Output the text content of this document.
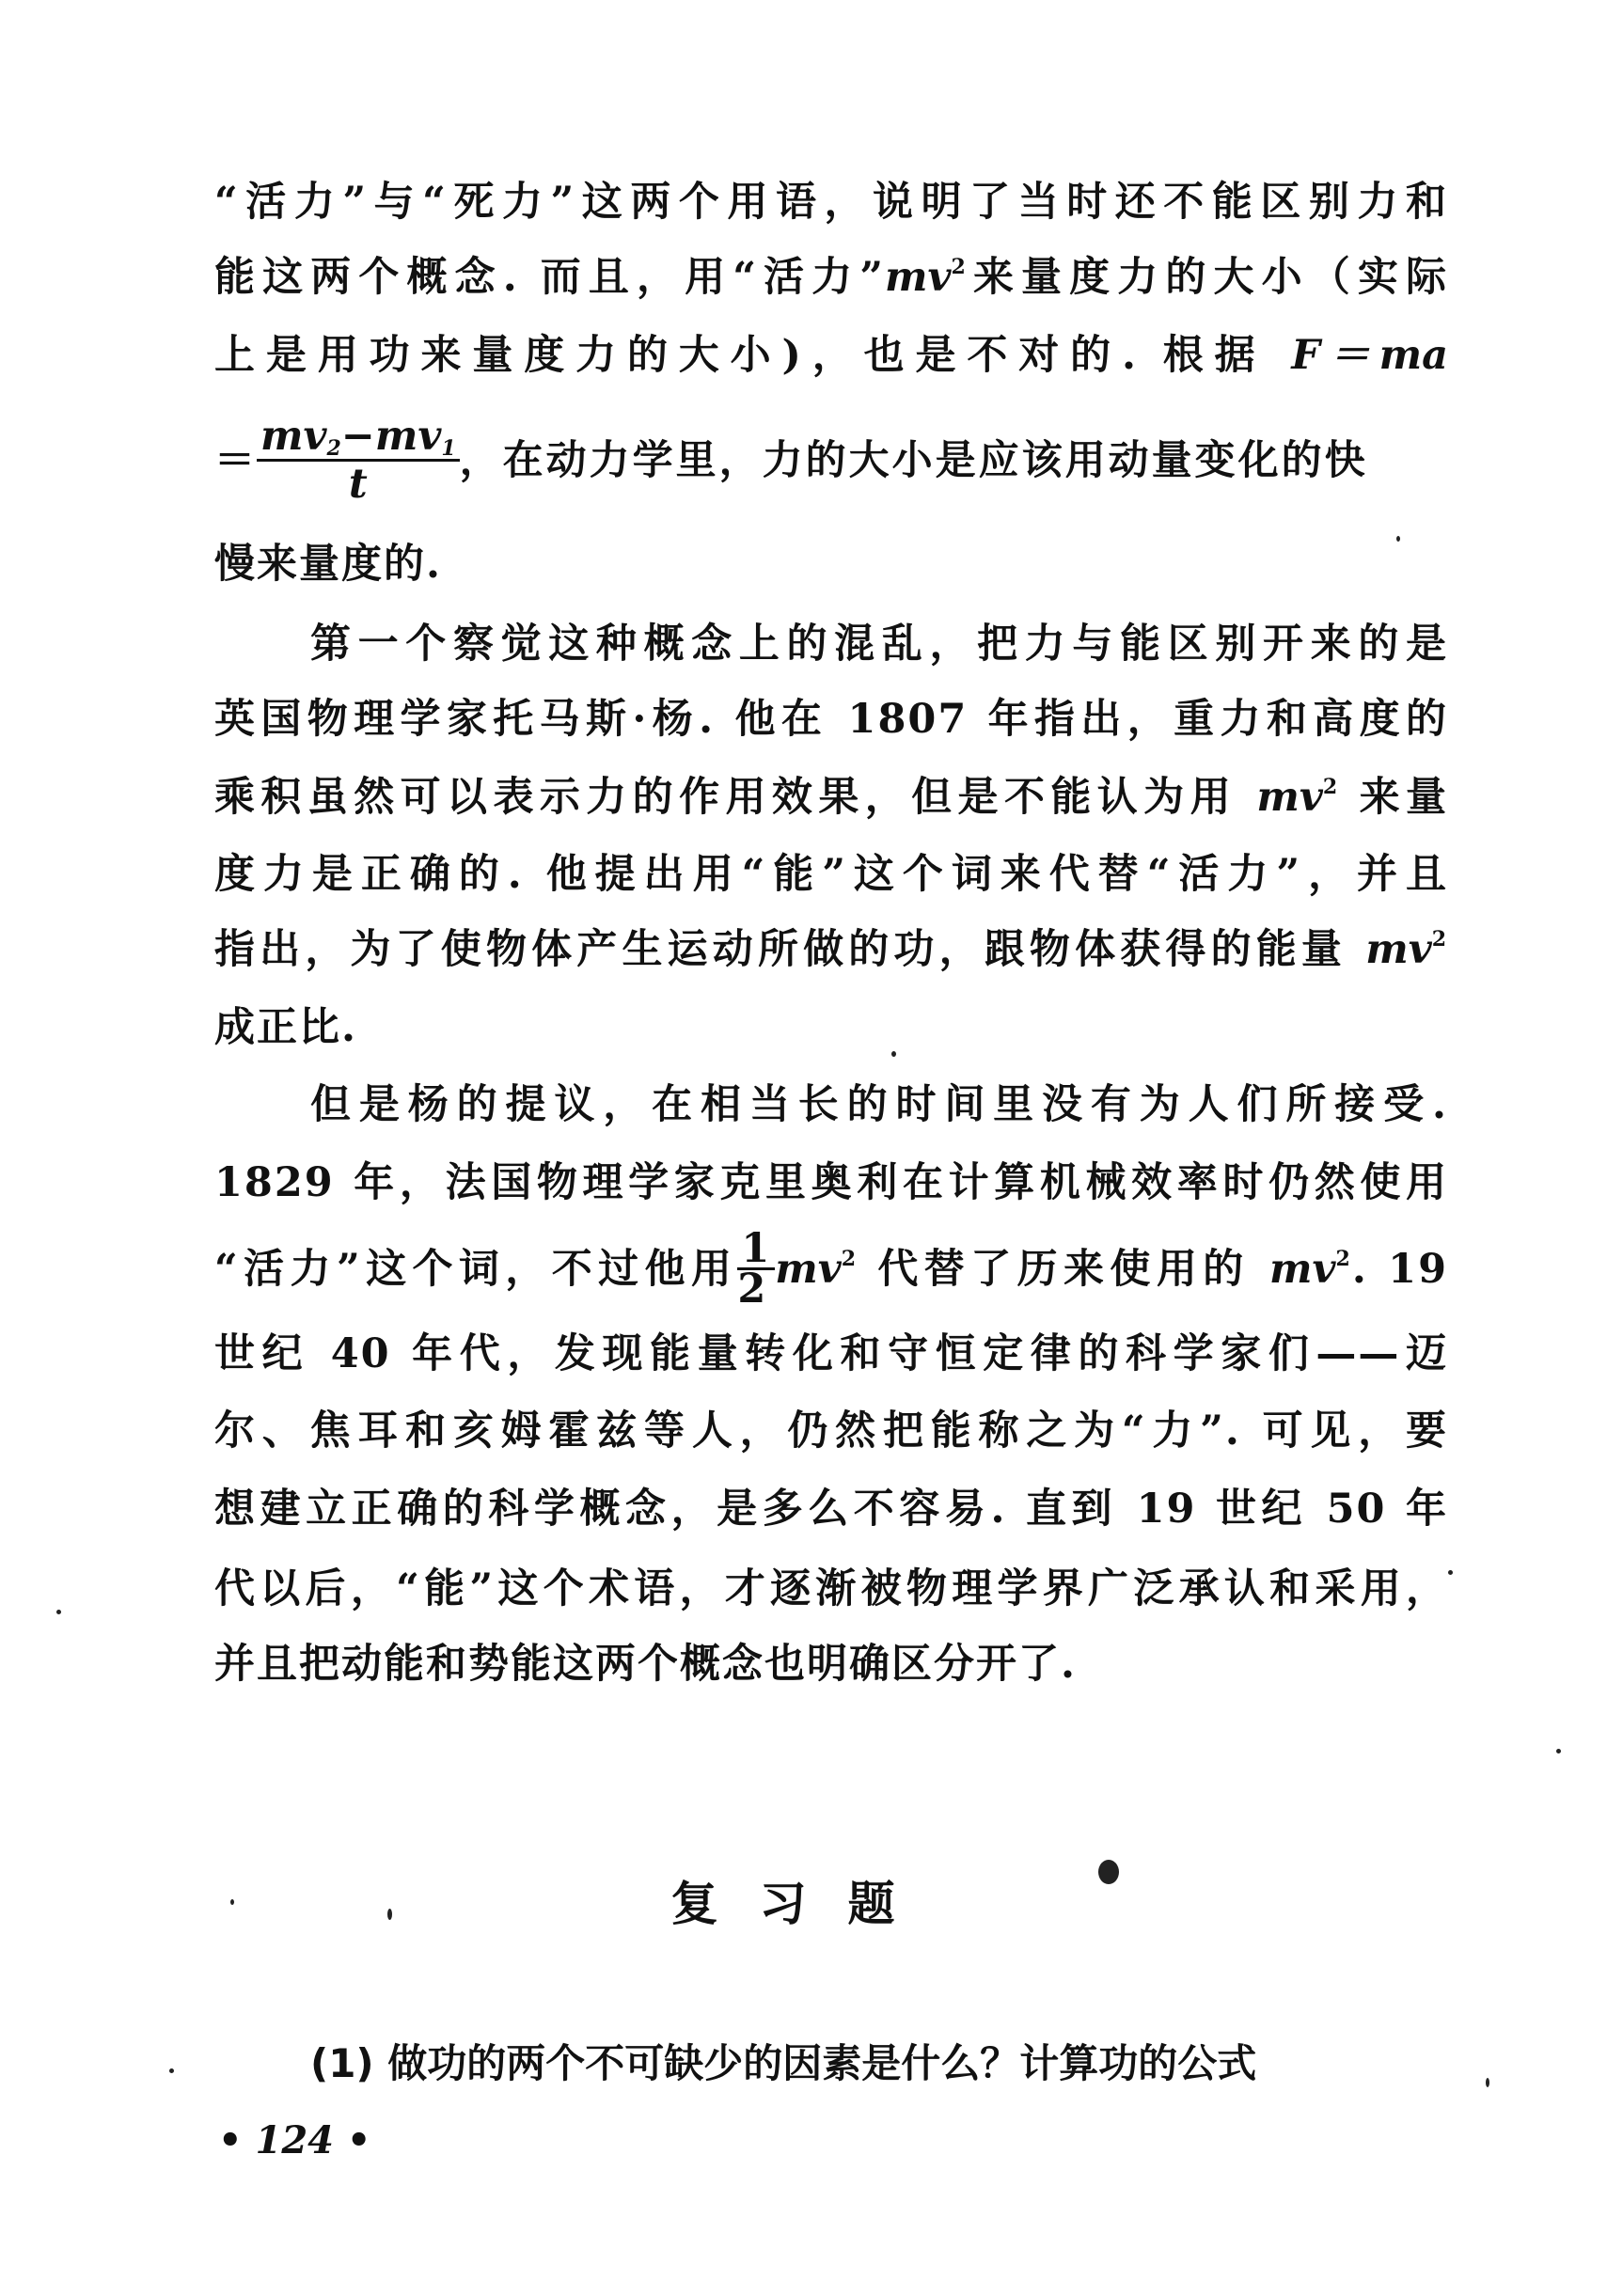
“活力”与“死力”这两个用语，说明了当时还不能区别力和
能这两个概念. 而且，用“活力$”mv^2$来量度力的大小（实际
上是用功来量度力的大小)，也是不对的. 根据 F＝ma
＝ $\frac{mv_2-mv_1}{t}$ ，在动力学里，力的大小是应该用动量变化的快
慢来量度的.
第一个察觉这种概念上的混乱，把力与能区别开来的是
英国物理学家托马斯·杨. 他在 1807 年指出，重力和高度的
乘积虽然可以表示力的作用效果，但是不能认为用 $mv^2$ 来量
度力是正确的. 他提出用“能”这个词来代替“活力”，并且
指出，为了使物体产生运动所做的功，跟物体获得的能量 $mv^2$
成正比.
但是杨的提议，在相当长的时间里没有为人们所接受.
1829 年，法国物理学家克里奥利在计算机械效率时仍然使用
“活力”这个词，不过他用 $\frac{1}{2} mv^2$ 代替了历来使用的 $mv^2$. 19
世纪 40 年代，发现能量转化和守恒定律的科学家们——迈
尔、焦耳和亥姆霍兹等人，仍然把能称之为“力”. 可见，要
想建立正确的科学概念，是多么不容易. 直到 19 世纪 50 年
代以后，“能”这个术语，才逐渐被物理学界广泛承认和采用，
并且把动能和势能这两个概念也明确区分开了.
复习题
(1) 做功的两个不可缺少的因素是什么？计算功的公式
• 124 •
